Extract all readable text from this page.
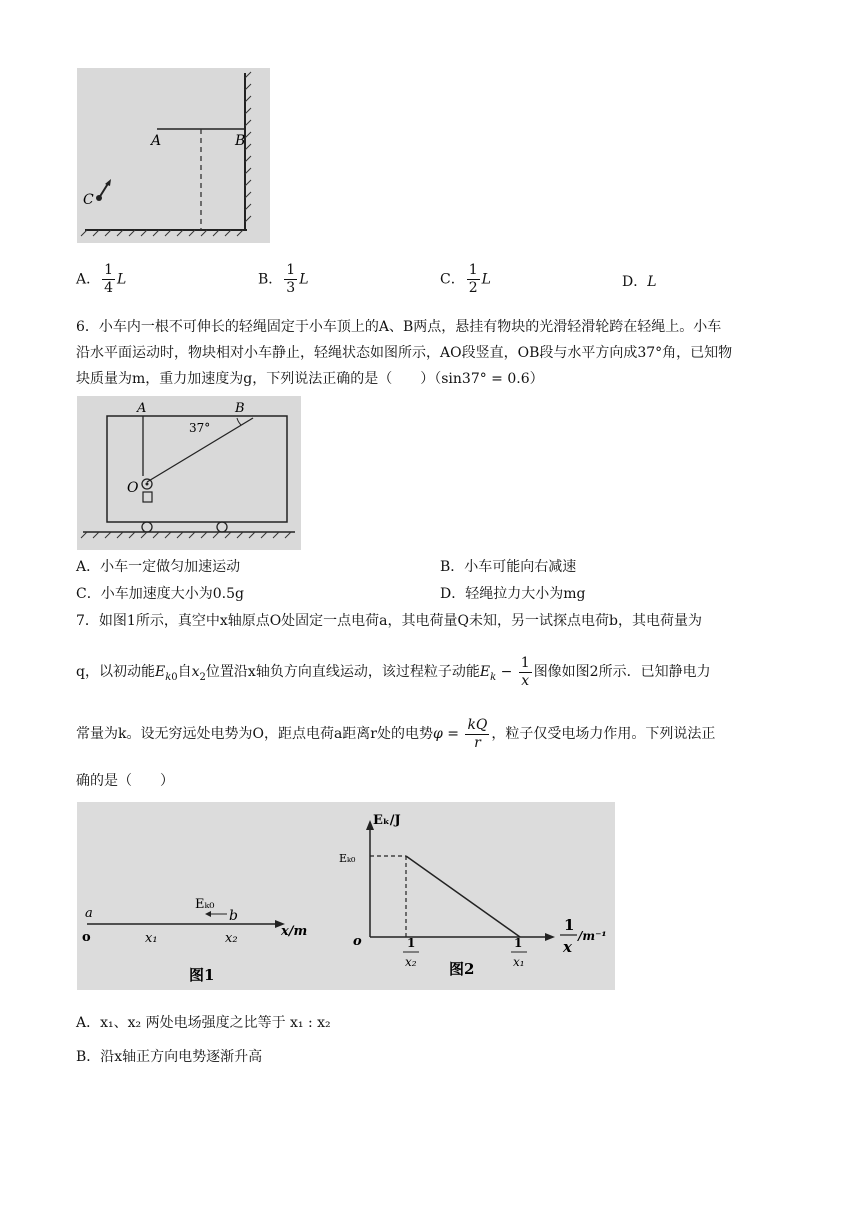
A	B
C
A． $\frac{1}{4}$ L	B． $\frac{1}{3}$ L	C． $\frac{1}{2}$ L	D．L
6．小车内一根不可伸长的轻绳固定于小车顶上的A、B两点，悬挂有物块的光滑轻滑轮跨在轻绳上。小车
沿水平面运动时，物块相对小车静止，轻绳状态如图所示，AO段竖直，OB段与水平方向成37°角，已知物
块质量为m，重力加速度为g，下列说法正确的是（　　）（sin37° = 0.6）
A	B
37°
O
A．小车一定做匀加速运动	B．小车可能向右减速
C．小车加速度大小为0.5g	D．轻绳拉力大小为mg
7．如图1所示，真空中x轴原点O处固定一点电荷a，其电荷量Q未知，另一试探点电荷b，其电荷量为
q，以初动能$E_{k0}$自$x_2$位置沿x轴负方向直线运动，该过程粒子动能$E_k - \frac{1}{x}$ 图像如图2所示．已知静电力
常量为k。设无穷远处电势为O，距点电荷a距离r处的电势$\varphi = \frac{kQ}{r}$ ，粒子仅受电场力作用。下列说法正
确的是（　　）
a
o	x₁	x₂	x/m
Eₖ₀
b
图1
Eₖ/J
o
Eₖ₀
1
x₂
1
x₁
1
x
/m⁻¹
图2
A．x₁、x₂ 两处电场强度之比等于 x₁ : x₂
B．沿x轴正方向电势逐渐升高
